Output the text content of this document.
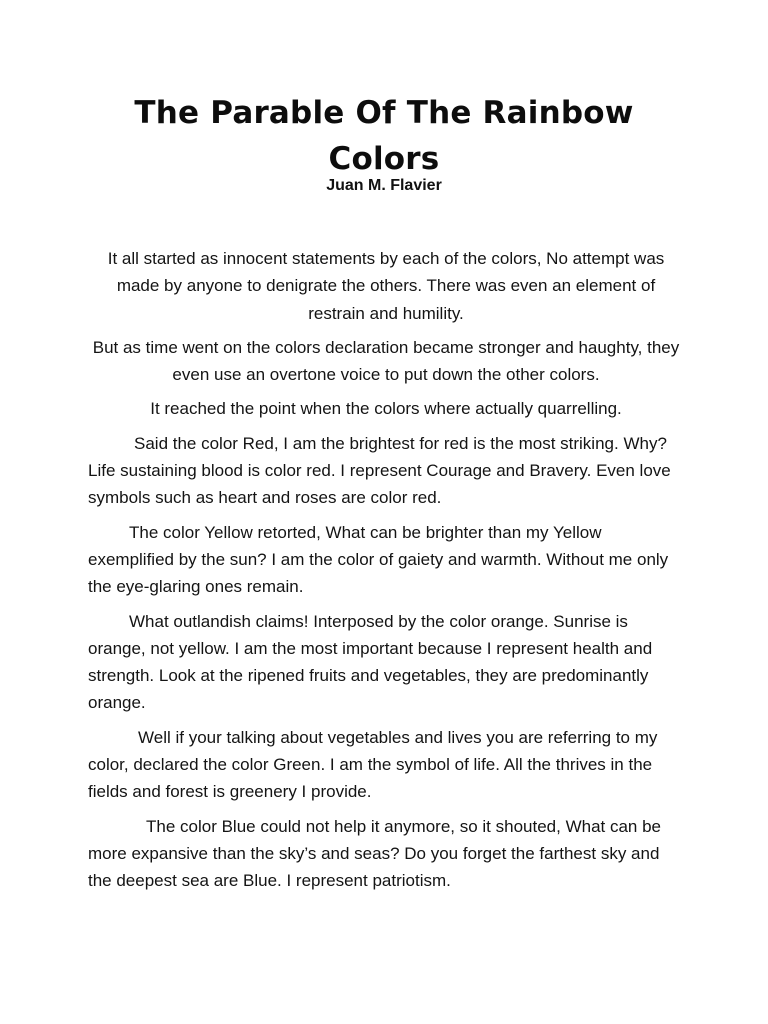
The Parable Of The Rainbow Colors
Juan M. Flavier

It all started as innocent statements by each of the colors, No attempt was made by anyone to denigrate the others. There was even an element of restrain and humility.

But as time went on the colors declaration became stronger and haughty, they even use an overtone voice to put down the other colors.

It reached the point when the colors where actually quarrelling.

Said the color Red, I am the brightest for red is the most striking. Why? Life sustaining blood is color red. I represent Courage and Bravery. Even love symbols such as heart and roses are color red.

The color Yellow retorted, What can be brighter than my Yellow exemplified by the sun? I am the color of gaiety and warmth. Without me only the eye-glaring ones remain.

What outlandish claims! Interposed by the color orange. Sunrise is orange, not yellow. I am the most important because I represent health and strength. Look at the ripened fruits and vegetables, they are predominantly orange.

Well if your talking about vegetables and lives you are referring to my color, declared the color Green. I am the symbol of life. All the thrives in the fields and forest is greenery I provide.

The color Blue could not help it anymore, so it shouted, What can be more expansive than the sky’s and seas? Do you forget the farthest sky and the deepest sea are Blue. I represent patriotism.
